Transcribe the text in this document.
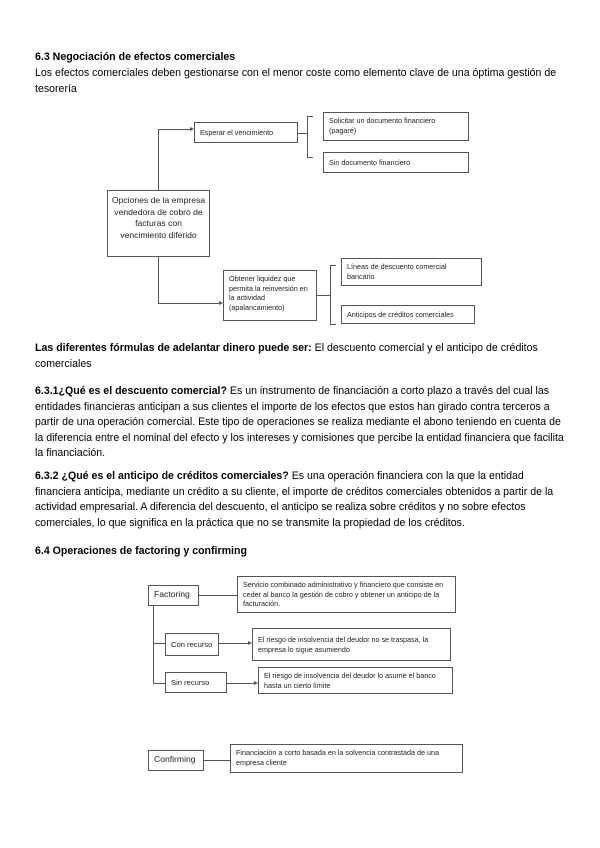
6.3 Negociación de efectos comerciales
Los efectos comerciales deben gestionarse con el menor coste como elemento clave de una óptima gestión de tesorería
Opciones de la empresa vendedora de cobro de facturas con vencimiento diferido
Esperar el vencimiento
Solicitar un documento financiero (pagaré)
Sin documento financiero
Obtener liquidez que permita la reinversión en la actividad (apalancamiento)
Líneas de descuento comercial bancario
Anticipos de créditos comerciales
Las diferentes fórmulas de adelantar dinero puede ser: El descuento comercial y el anticipo de créditos comerciales
6.3.1¿Qué es el descuento comercial? Es un instrumento de financiación a corto plazo a través del cual las entidades financieras anticipan a sus clientes el importe de los efectos que estos han girado contra terceros a partir de una operación comercial. Este tipo de operaciones se realiza mediante el abono teniendo en cuenta de la diferencia entre el nominal del efecto y los intereses y comisiones que percibe la entidad financiera que facilita la financiación.
6.3.2 ¿Qué es el anticipo de créditos comerciales? Es una operación financiera con la que la entidad financiera anticipa, mediante un crédito a su cliente, el importe de créditos comerciales obtenidos a partir de la actividad empresarial. A diferencia del descuento, el anticipo se realiza sobre créditos y no sobre efectos comerciales, lo que significa en la práctica que no se transmite la propiedad de los créditos.
6.4 Operaciones de factoring y confirming
Factoring
Servicio combinado administrativo y financiero que consiste en ceder al banco la gestión de cobro y obtener un anticipo de la facturación.
Con recurso
El riesgo de insolvencia del deudor no se traspasa, la empresa lo sigue asumiendo
Sin recurso
El riesgo de insolvencia del deudor lo asume el banco hasta un cierto límite
Confirming
Financiación a corto basada en la solvencia contrastada de una empresa cliente
